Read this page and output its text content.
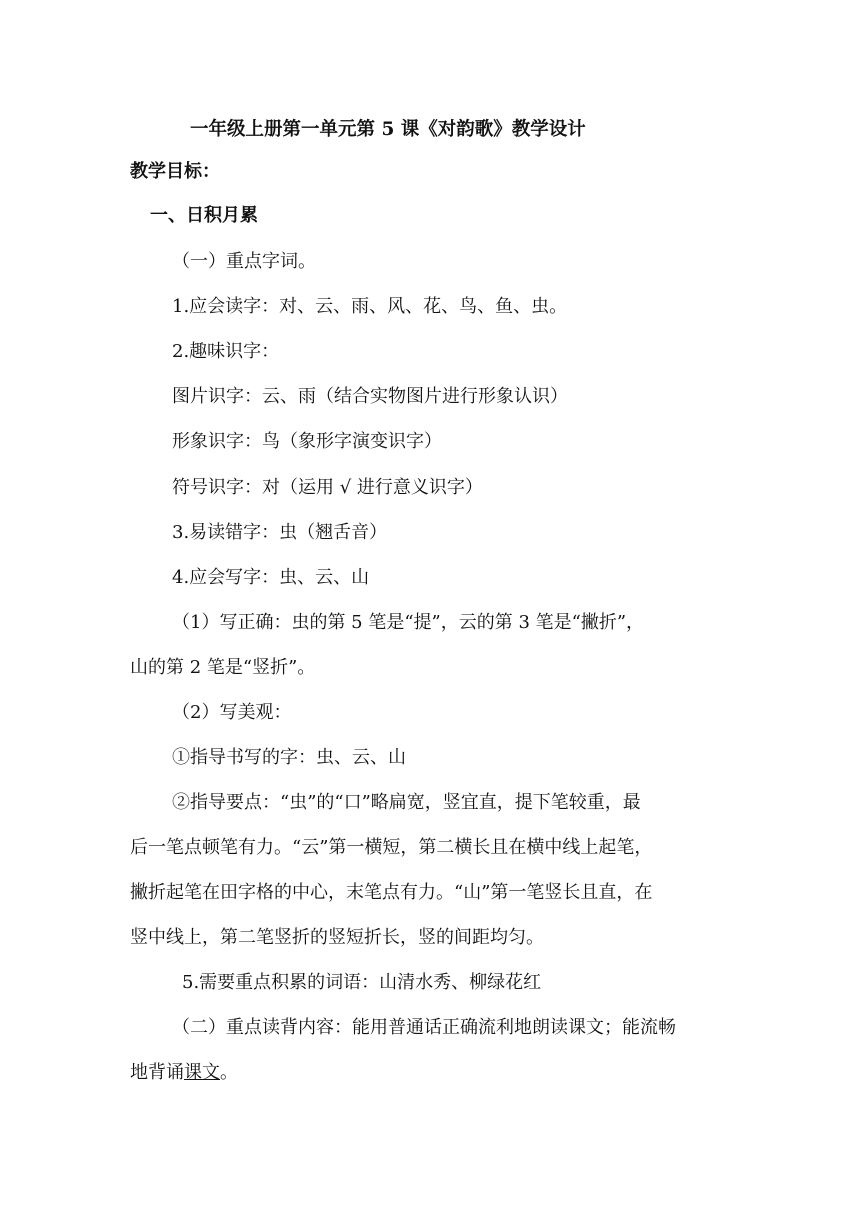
一年级上册第一单元第 5 课《对韵歌》教学设计
教学目标：
一、日积月累
（一）重点字词。
1.应会读字：对、云、雨、风、花、鸟、鱼、虫。
2.趣味识字：
图片识字：云、雨（结合实物图片进行形象认识）
形象识字：鸟（象形字演变识字）
符号识字：对（运用 √ 进行意义识字）
3.易读错字：虫（翘舌音）
4.应会写字：虫、云、山
（1）写正确：虫的第 5 笔是“提”，云的第 3 笔是“撇折”，
山的第 2 笔是“竖折”。
（2）写美观：
①指导书写的字：虫、云、山
②指导要点：“虫”的“口”略扁宽，竖宜直，提下笔较重，最
后一笔点顿笔有力。“云”第一横短，第二横长且在横中线上起笔，
撇折起笔在田字格的中心，末笔点有力。“山”第一笔竖长且直，在
竖中线上，第二笔竖折的竖短折长，竖的间距均匀。
5.需要重点积累的词语：山清水秀、柳绿花红
（二）重点读背内容：能用普通话正确流利地朗读课文；能流畅
地背诵课文。
